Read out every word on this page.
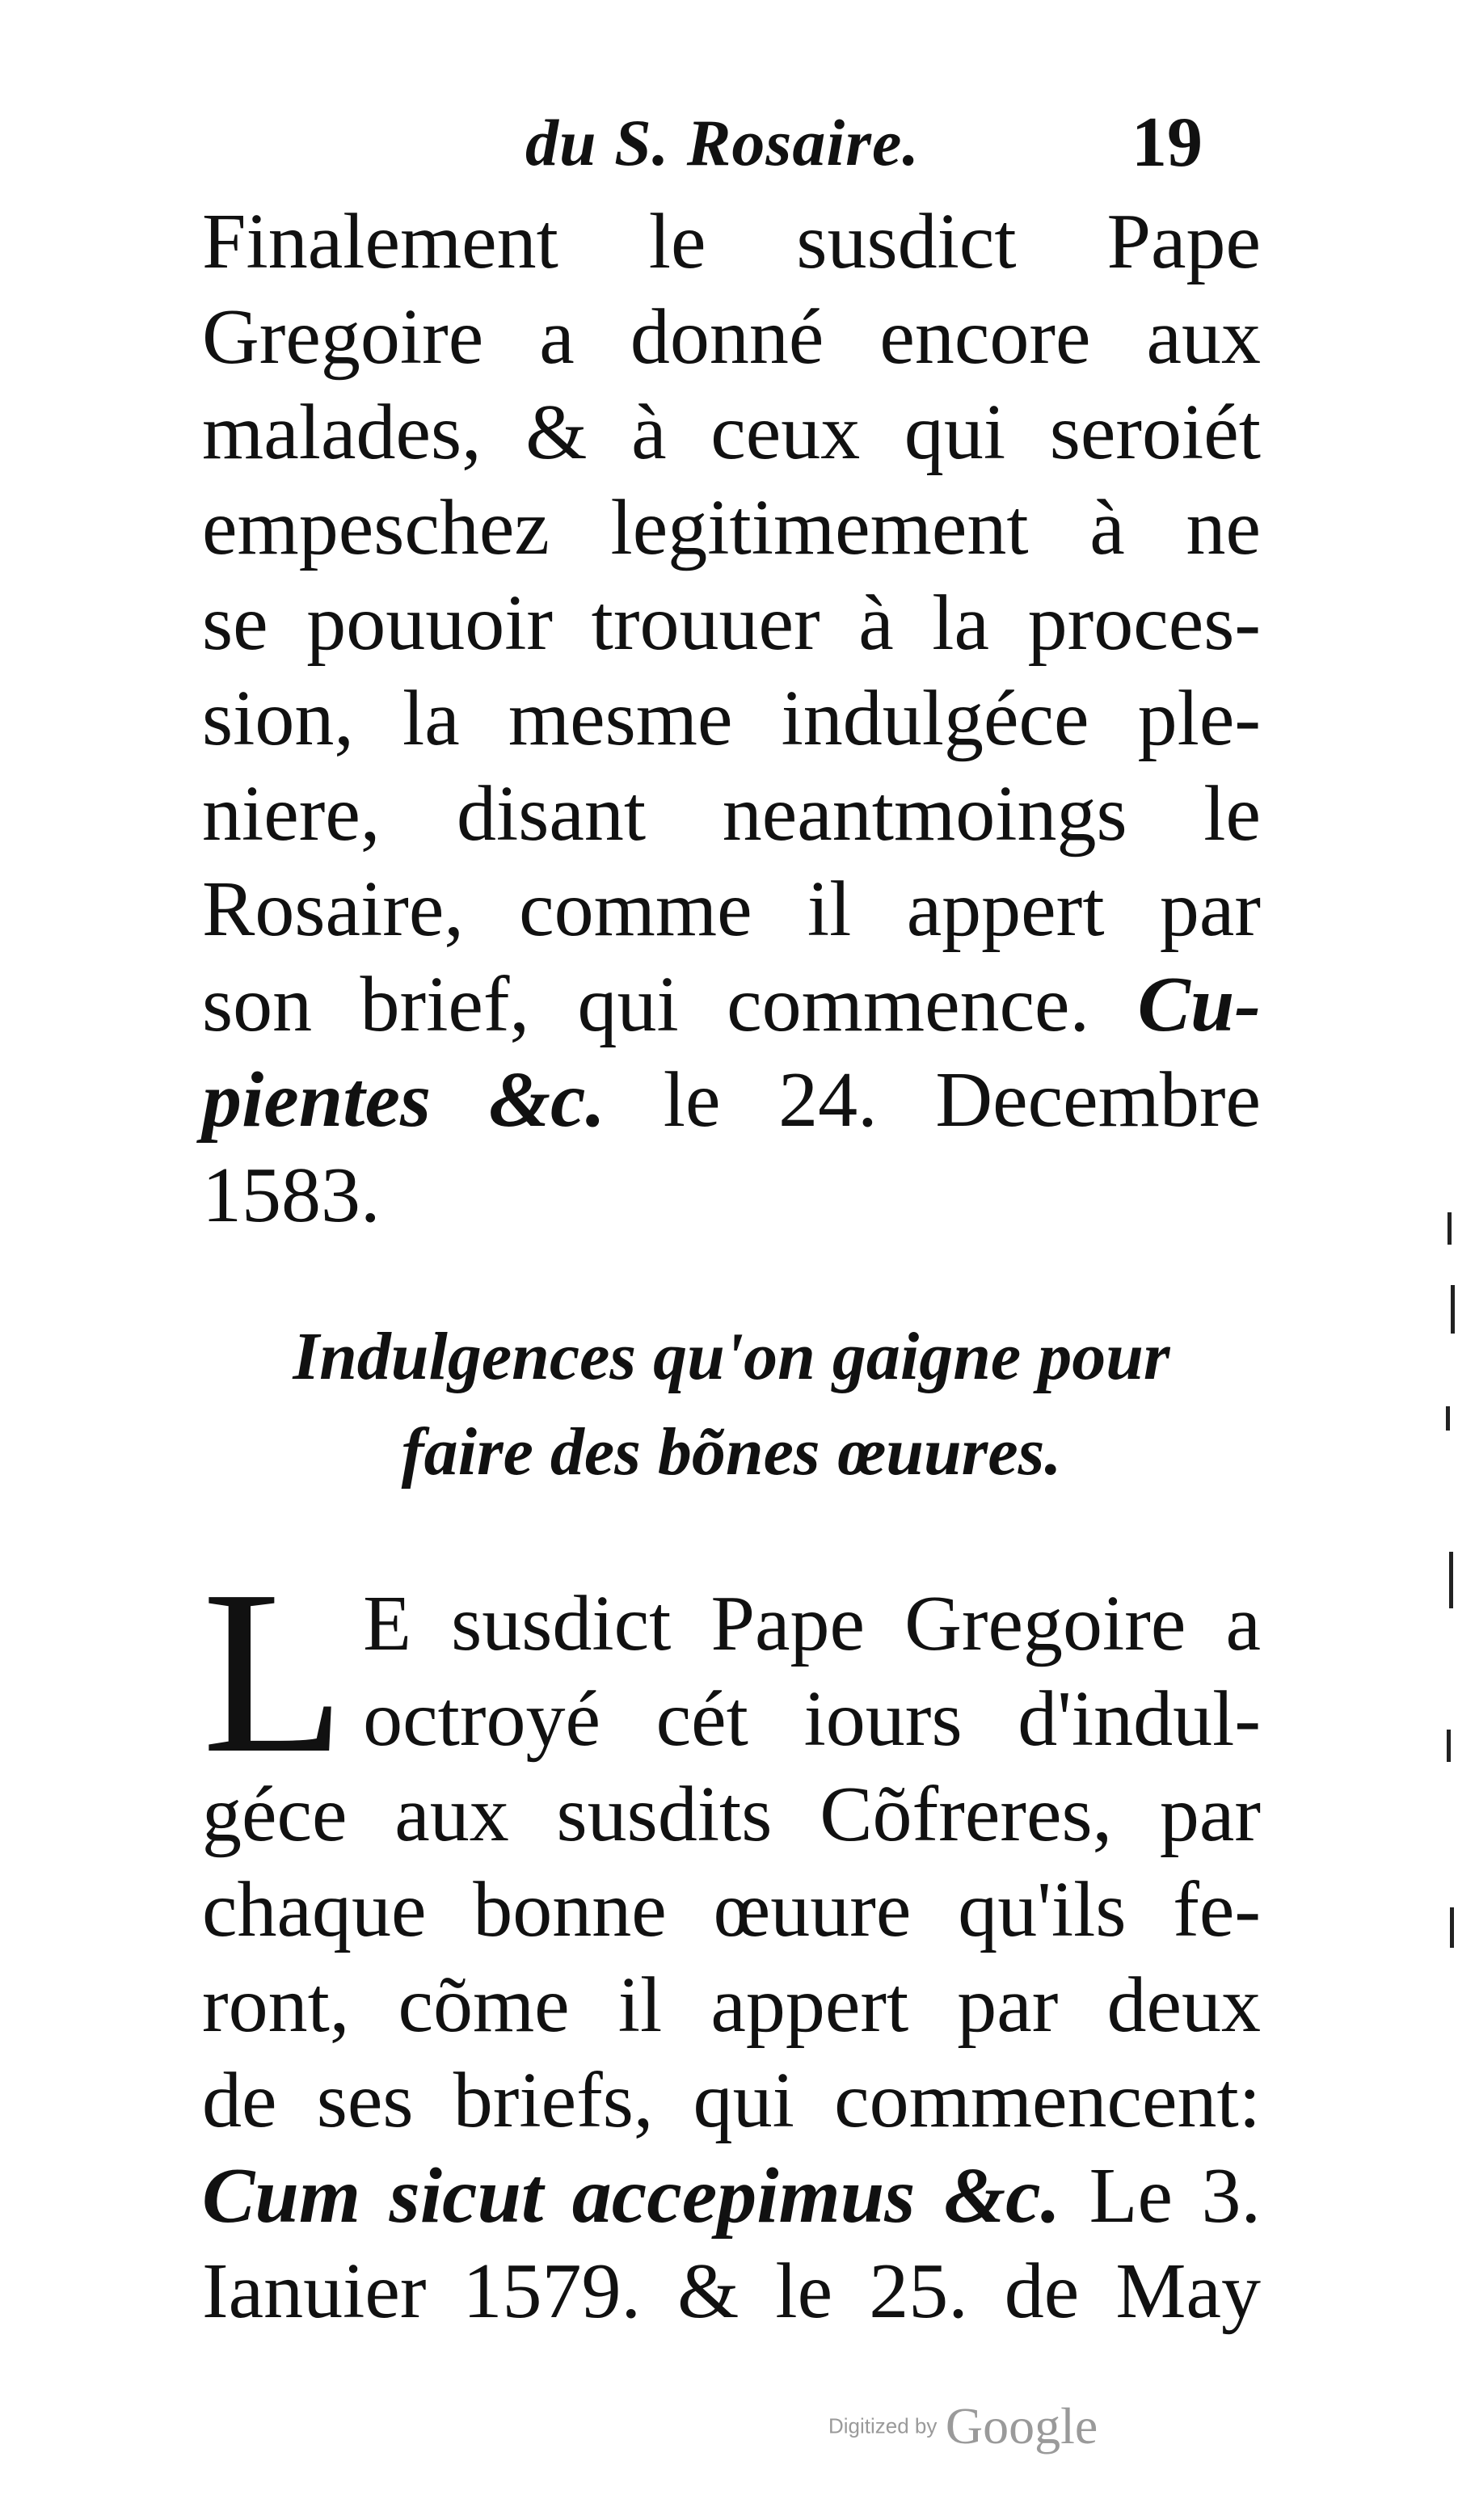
du S. Rosaire.	19
Finalement le susdict Pape
Gregoire a donné encore aux
malades, & à ceux qui seroiét
empeschez legitimement à ne
se pouuoir trouuer à la proces-
sion, la mesme indulgéce ple-
niere, disant neantmoings le
Rosaire, comme il appert par
son brief, qui commence. Cu-
pientes &c. le 24. Decembre
1583.
Indulgences qu'on gaigne pour
faire des bõnes œuures.
L E susdict Pape Gregoire a
octroyé cét iours d'indul-
géce aux susdits Cõfreres, par
chaque bonne œuure qu'ils fe-
ront, cõme il appert par deux
de ses briefs, qui commencent:
Cum sicut accepimus &c. Le 3.
Ianuier 1579. & le 25. de May
Digitized by Google
